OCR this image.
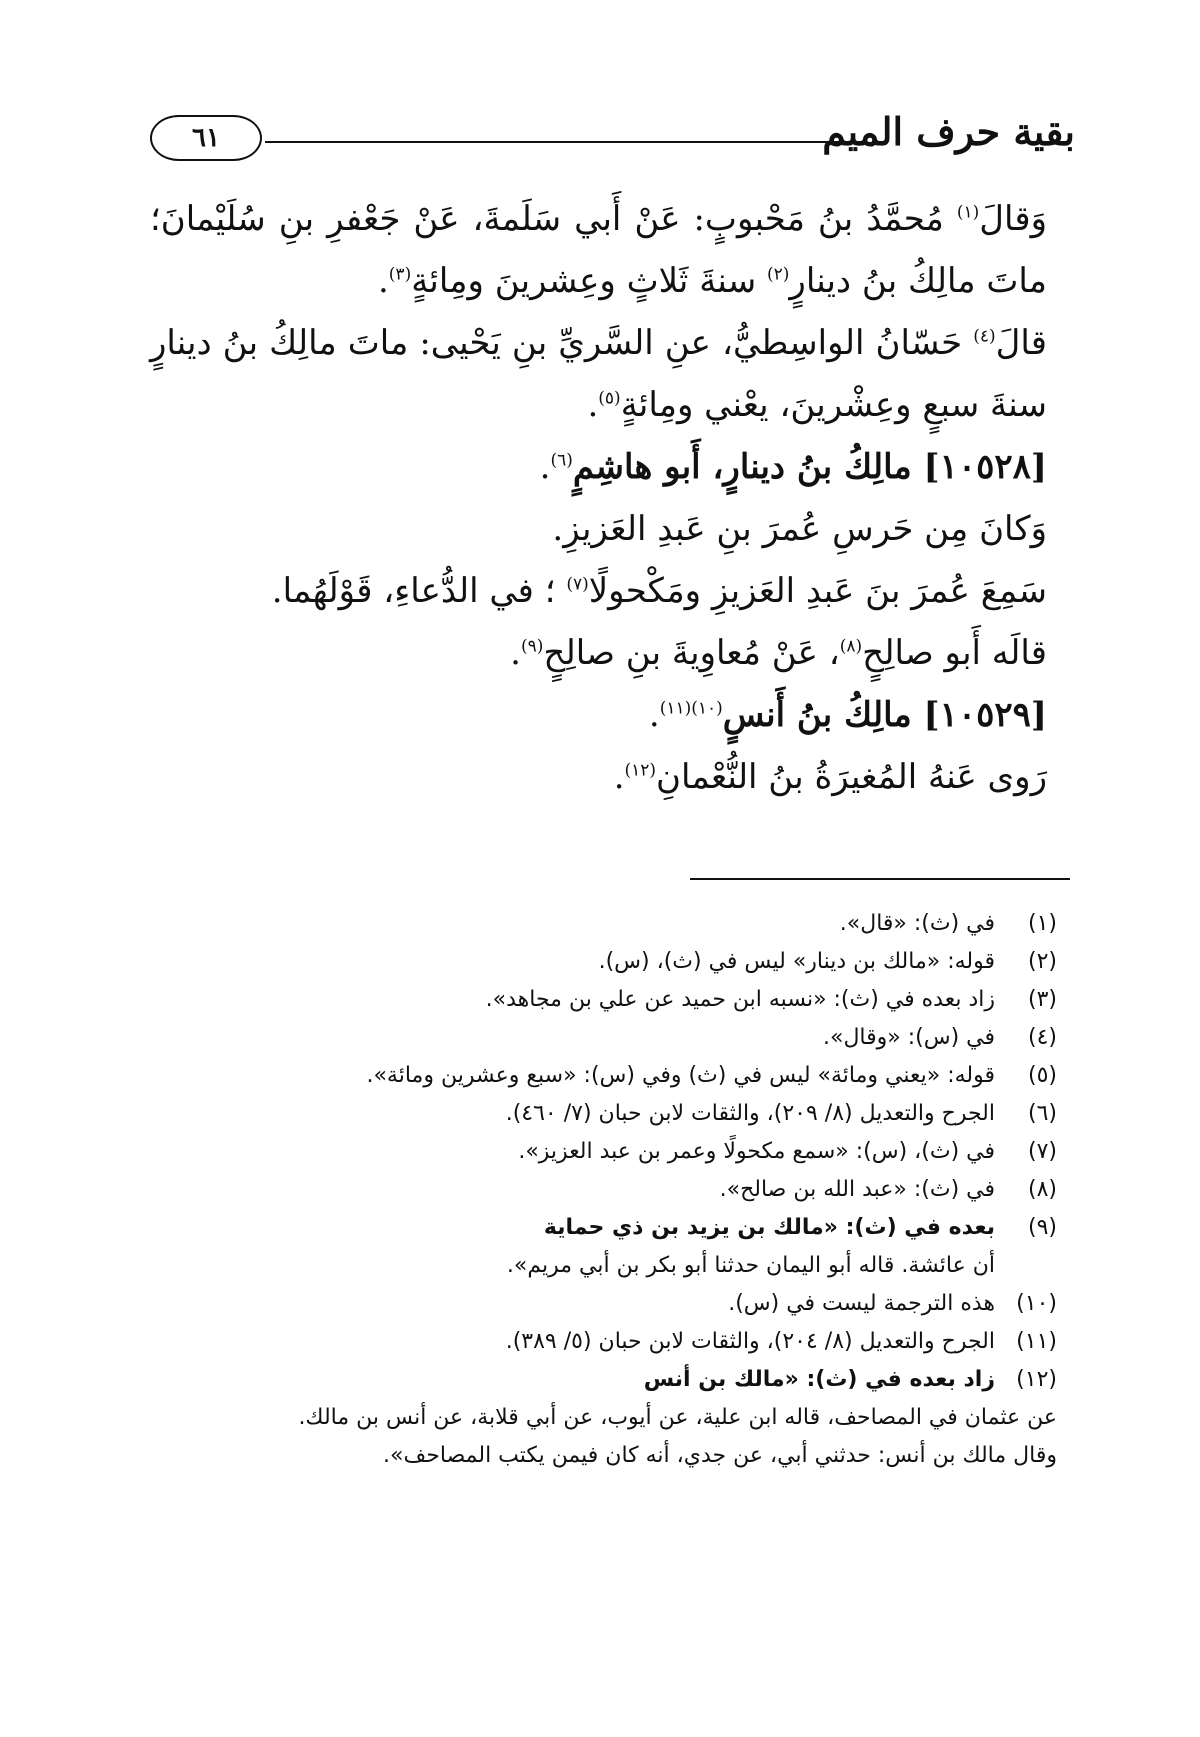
بقية حرف الميم
٦١

وَقالَ$^{(١)}$ مُحمَّدُ بنُ مَحْبوبٍ: عَنْ أَبي سَلَمةَ، عَنْ جَعْفرِ بنِ سُلَيْمانَ؛ ماتَ مالِكُ بنُ دينارٍ$^{(٢)}$ سنةَ ثَلاثٍ وعِشرينَ ومِائةٍ$^{(٣)}$.

قالَ$^{(٤)}$ حَسّانُ الواسِطيُّ، عنِ السَّريِّ بنِ يَحْيى: ماتَ مالِكُ بنُ دينارٍ سنةَ سبعٍ وعِشْرينَ، يعْني ومِائةٍ$^{(٥)}$.

[١٠٥٢٨] مالِكُ بنُ دينارٍ، أَبو هاشِمٍ$^{(٦)}$.

وَكانَ مِن حَرسِ عُمرَ بنِ عَبدِ العَزيزِ.

سَمِعَ عُمرَ بنَ عَبدِ العَزيزِ ومَكْحولًا$^{(٧)}$ ؛ في الدُّعاءِ، قَوْلَهُما.

قالَه أَبو صالِحٍ$^{(٨)}$، عَنْ مُعاوِيةَ بنِ صالِحٍ$^{(٩)}$.

[١٠٥٢٩] مالِكُ بنُ أَنسٍ$^{(١٠)(١١)}$.

رَوى عَنهُ المُغيرَةُ بنُ النُّعْمانِ$^{(١٢)}$.

(١)
في (ث): «قال».

(٢)
قوله: «مالك بن دينار» ليس في (ث)، (س).

(٣)
زاد بعده في (ث): «نسبه ابن حميد عن علي بن مجاهد».

(٤)
في (س): «وقال».

(٥)
قوله: «يعني ومائة» ليس في (ث) وفي (س): «سبع وعشرين ومائة».

(٦)
الجرح والتعديل (٨/ ٢٠٩)، والثقات لابن حبان (٧/ ٤٦٠).

(٧)
في (ث)، (س): «سمع مكحولًا وعمر بن عبد العزيز».

(٨)
في (ث): «عبد الله بن صالح».

(٩)
بعده في (ث): «مالك بن يزيد بن ذي حماية
أن عائشة. قاله أبو اليمان حدثنا أبو بكر بن أبي مريم».

(١٠)
هذه الترجمة ليست في (س).

(١١)
الجرح والتعديل (٨/ ٢٠٤)، والثقات لابن حبان (٥/ ٣٨٩).

(١٢)
زاد بعده في (ث): «مالك بن أنس

عن عثمان في المصاحف، قاله ابن علية، عن أيوب، عن أبي قلابة، عن أنس بن مالك.

وقال مالك بن أنس: حدثني أبي، عن جدي، أنه كان فيمن يكتب المصاحف».
